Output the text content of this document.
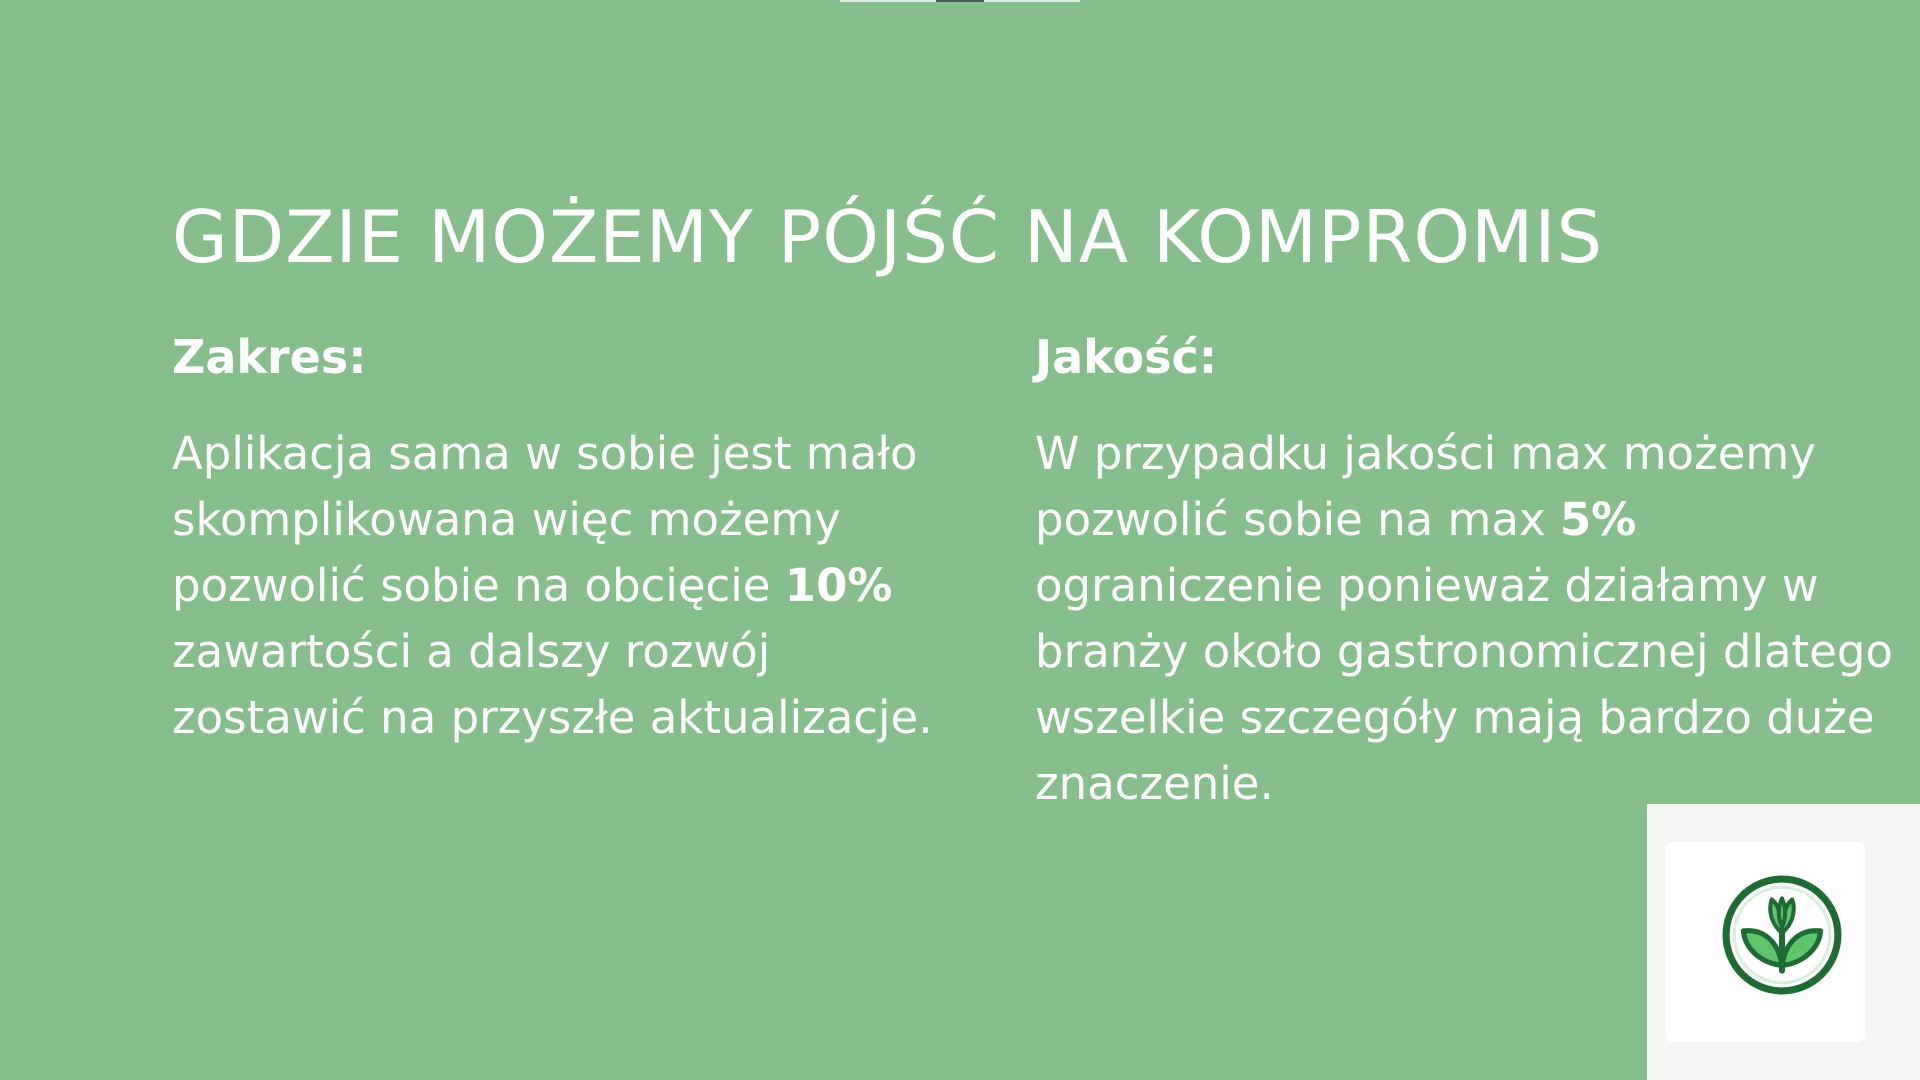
GDZIE MOŻEMY PÓJŚĆ NA KOMPROMIS
Zakres:

Aplikacja sama w sobie jest mało skomplikowana więc możemy pozwolić sobie na obcięcie 10% zawartości a dalszy rozwój zostawić na przyszłe aktualizacje.

Jakość:

W przypadku jakości max możemy pozwolić sobie na max 5% ograniczenie ponieważ działamy w branży około gastronomicznej dlatego wszelkie szczegóły mają bardzo duże znaczenie.
